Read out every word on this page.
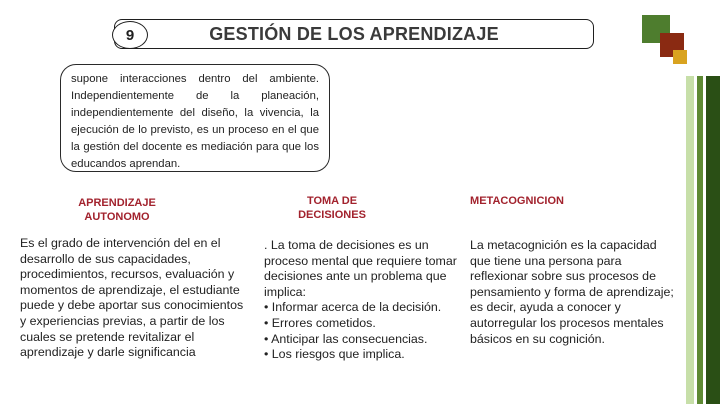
GESTIÓN DE LOS APRENDIZAJE
9
supone interacciones dentro del ambiente. Independientemente de la planeación, independientemente del diseño, la vivencia, la ejecución de lo previsto, es un proceso en el que la gestión del docente es mediación para que los educandos aprendan.
APRENDIZAJE
AUTONOMO
TOMA DE
DECISIONES
METACOGNICION
Es el grado de intervención del en el desarrollo de sus capacidades, procedimientos, recursos, evaluación y momentos de aprendizaje, el estudiante puede y debe aportar sus conocimientos y experiencias previas, a partir de los cuales se pretende revitalizar el aprendizaje y darle significancia
. La toma de decisiones es un proceso mental que requiere tomar decisiones ante un problema que implica:
• Informar acerca de la decisión.
• Errores cometidos.
• Anticipar las consecuencias.
• Los riesgos que implica.
La metacognición es la capacidad que tiene una persona para reflexionar sobre sus procesos de pensamiento y forma de aprendizaje; es decir, ayuda a conocer y autorregular los procesos mentales básicos en su cognición.
